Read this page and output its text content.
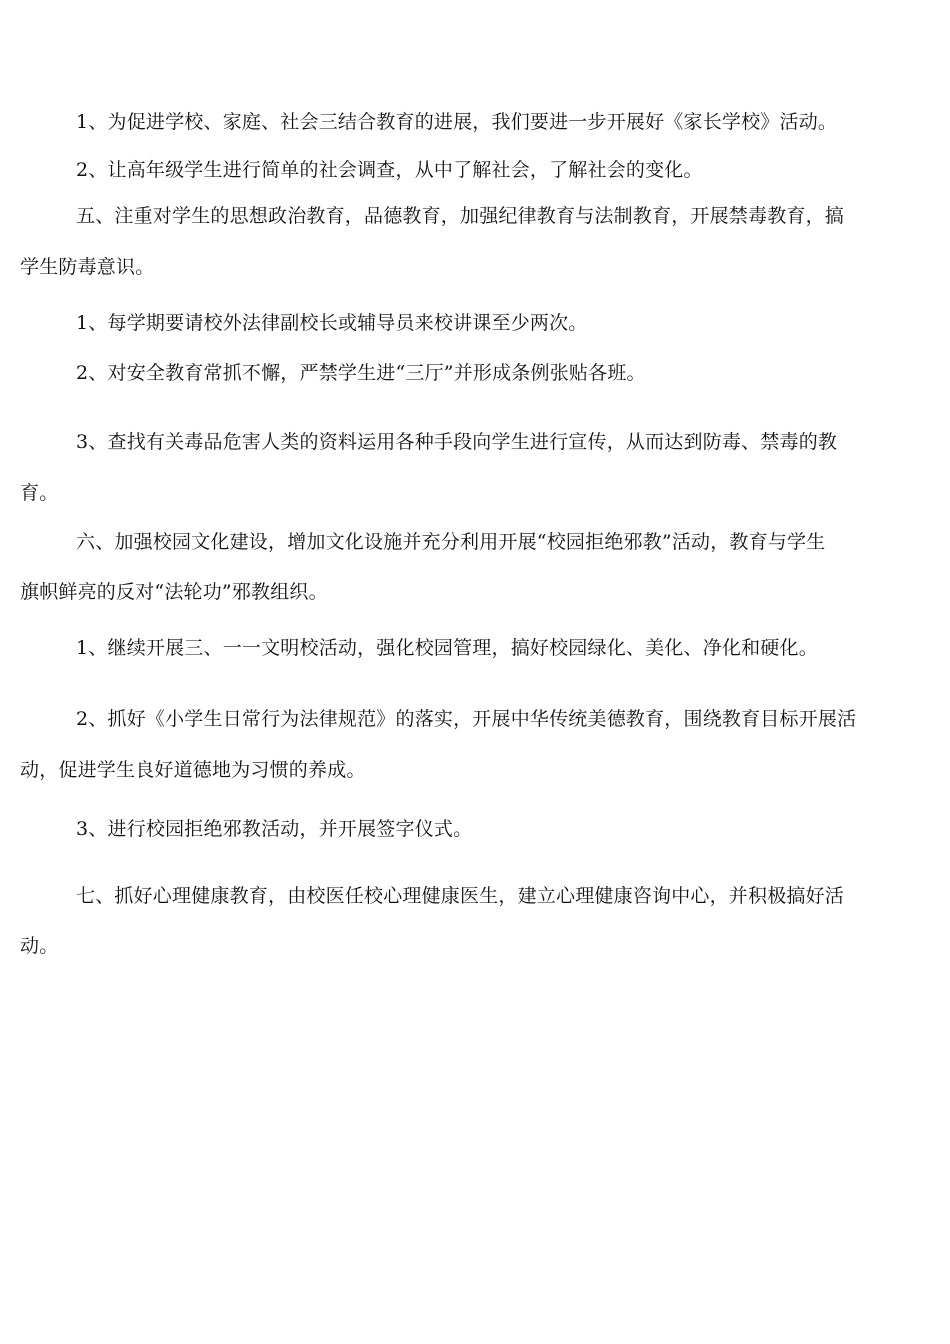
1、为促进学校、家庭、社会三结合教育的进展，我们要进一步开展好《家长学校》活动。
2、让高年级学生进行简单的社会调查，从中了解社会，了解社会的变化。
五、注重对学生的思想政治教育，品德教育，加强纪律教育与法制教育，开展禁毒教育，搞
学生防毒意识。
1、每学期要请校外法律副校长或辅导员来校讲课至少两次。
2、对安全教育常抓不懈，严禁学生进“三厅”并形成条例张贴各班。
3、查找有关毒品危害人类的资料运用各种手段向学生进行宣传，从而达到防毒、禁毒的教
育。
六、加强校园文化建设，增加文化设施并充分利用开展“校园拒绝邪教”活动，教育与学生
旗帜鲜亮的反对“法轮功”邪教组织。
1、继续开展三、一一文明校活动，强化校园管理，搞好校园绿化、美化、净化和硬化。
2、抓好《小学生日常行为法律规范》的落实，开展中华传统美德教育，围绕教育目标开展活
动，促进学生良好道德地为习惯的养成。
3、进行校园拒绝邪教活动，并开展签字仪式。
七、抓好心理健康教育，由校医任校心理健康医生，建立心理健康咨询中心，并积极搞好活
动。
